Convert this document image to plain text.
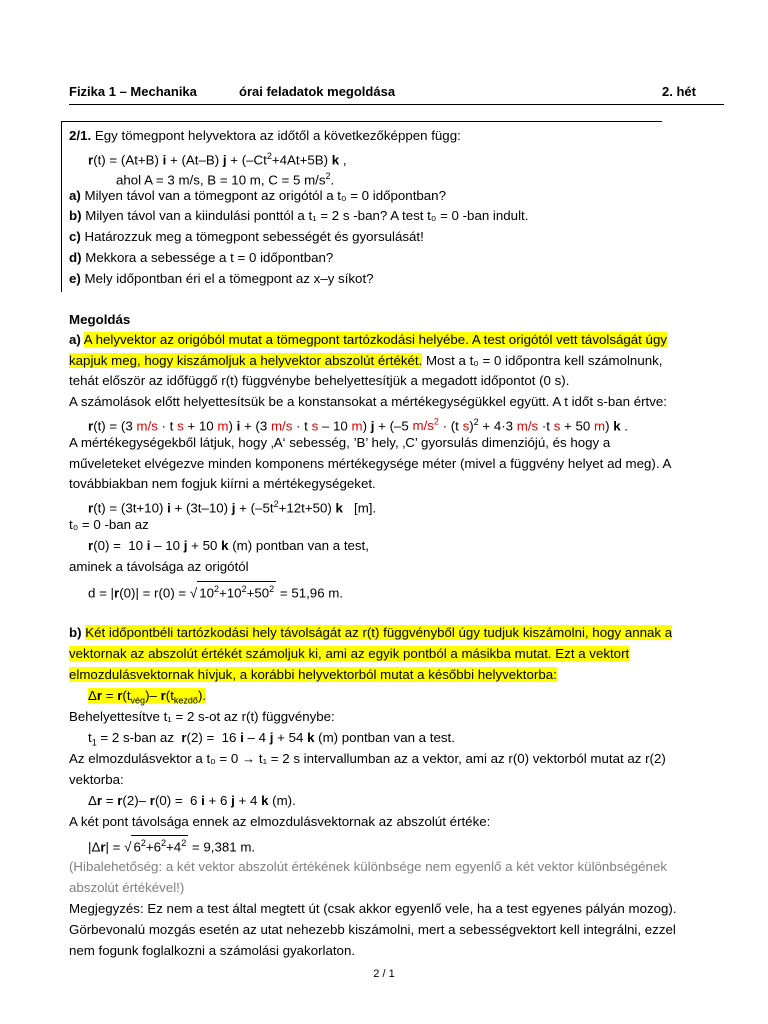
Fizika 1 – Mechanika	órai feladatok megoldása	2. hét
2/1. Egy tömegpont helyvektora az időtől a következőképpen függ:
r(t) = (At+B) i + (At–B) $j + (-Ct^2+4At+5B)$ k ,
ahol A = 3 m/s, B = 10 m, C = 5 $m/s^2$.
a) Milyen távol van a tömegpont az origótól a t₀ = 0 időpontban?
b) Milyen távol van a kiindulási ponttól a t₁ = 2 s -ban? A test t₀ = 0 -ban indult.
c) Határozzuk meg a tömegpont sebességét és gyorsulását!
d) Mekkora a sebessége a t = 0 időpontban?
e) Mely időpontban éri el a tömegpont az x–y síkot?
Megoldás
a) A helyvektor az origóból mutat a tömegpont tartózkodási helyébe. A test origótól vett távolságát úgy
kapjuk meg, hogy kiszámoljuk a helyvektor abszolút értékét. Most a t₀ = 0 időpontra kell számolnunk,
tehát először az időfüggő r(t) függvénybe behelyettesítjük a megadott időpontot (0 s).
A számolások előtt helyettesítsük be a konstansokat a mértékegységükkel együtt. A t időt s-ban értve:
r(t) = (3 m/s · t s + 10 m) i + (3 m/s · t s – 10 m) j + (–5 $m/s^2 \cdot (t$ s)$^2$ + 4·3 m/s ·t s + 50 m) k .
A mértékegységekből látjuk, hogy ‚A‘ sebesség, ’B’ hely, ‚C’ gyorsulás dimenziójú, és hogy a
műveleteket elvégezve minden komponens mértékegysége méter (mivel a függvény helyet ad meg). A
továbbiakban nem fogjuk kiírni a mértékegységeket.
r(t) = (3t+10) i + (3t–10) $j + (-5t^2+12t+50)$ k   [m].
t₀ = 0 -ban az
r(0) =  10 i – 10 j + 50 k (m) pontban van a test,
aminek a távolsága az origótól
d = |r(0)| = r(0) = √ $10^2+10^2+50^2 = 51,96$ m.
b) Két időpontbéli tartózkodási hely távolságát az r(t) függvényből úgy tudjuk kiszámolni, hogy annak a
vektornak az abszolút értékét számoljuk ki, ami az egyik pontból a másikba mutat. Ezt a vektort
elmozdulásvektornak hívjuk, a korábbi helyvektorból mutat a későbbi helyvektorba:
$\Delta r = r(t_{vég})-$ $r(t_{kezdő})$.
Behelyettesítve t₁ = 2 s-ot az r(t) függvénybe:
$t_1 = 2$ s-ban az  r(2) =  16 i – 4 j + 54 k (m) pontban van a test.
Az elmozdulásvektor a t₀ = 0 → t₁ = 2 s intervallumban az a vektor, ami az r(0) vektorból mutat az r(2)
vektorba:
Δr = r(2)– r(0) =  6 i + 6 j + 4 k (m).
A két pont távolsága ennek az elmozdulásvektornak az abszolút értéke:
|Δr| = √ $6^2+6^2+4^2 = 9,381$ m.
(Hibalehetőség: a két vektor abszolút értékének különbsége nem egyenlő a két vektor különbségének
abszolút értékével!)
Megjegyzés: Ez nem a test által megtett út (csak akkor egyenlő vele, ha a test egyenes pályán mozog).
Görbevonalú mozgás esetén az utat nehezebb kiszámolni, mert a sebességvektort kell integrálni, ezzel
nem fogunk foglalkozni a számolási gyakorlaton.
2 / 1
